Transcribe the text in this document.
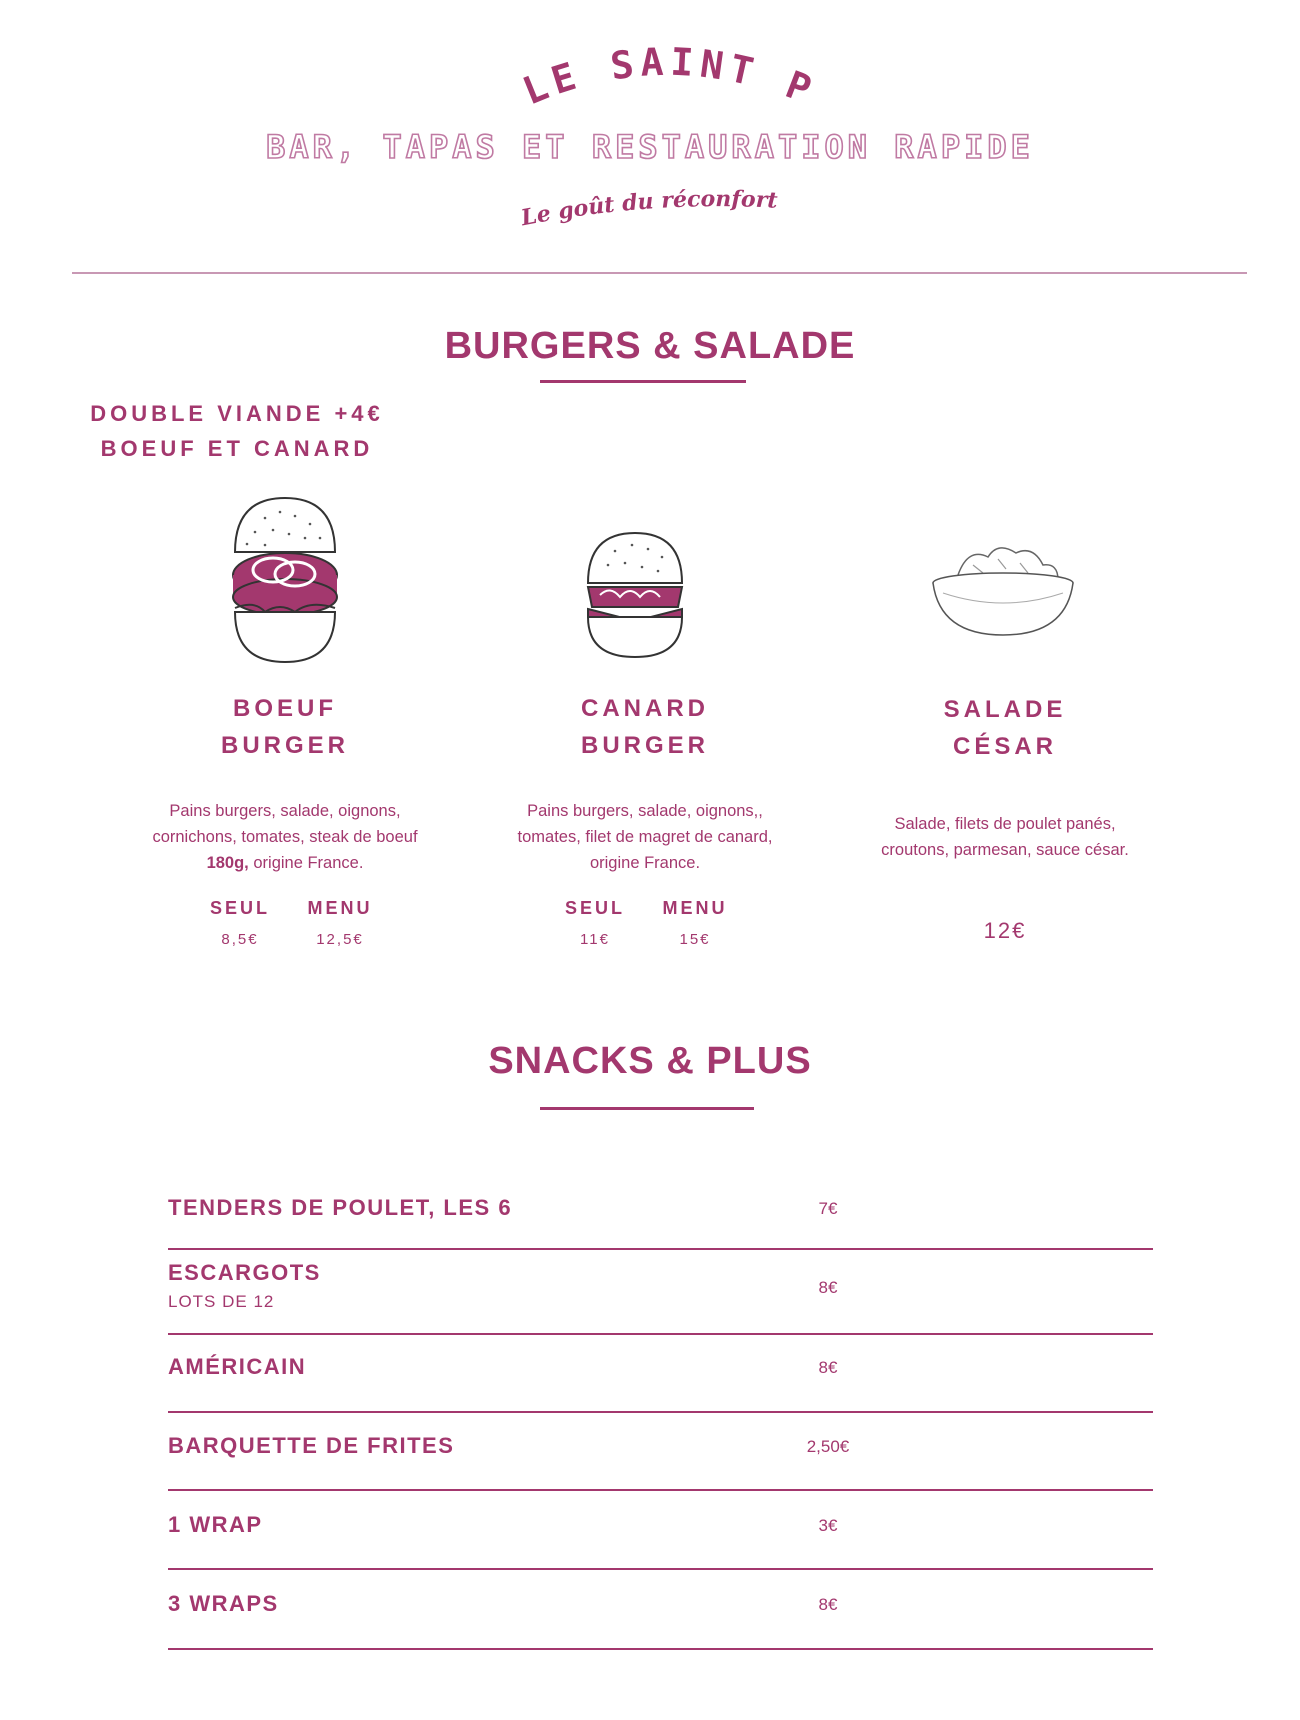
LE SAINT P
BAR, TAPAS ET RESTAURATION RAPIDE
Le goût du réconfort
BURGERS & SALADE
DOUBLE VIANDE +4€
BOEUF ET CANARD
BOEUF
BURGER
Pains burgers, salade, oignons,
cornichons, tomates, steak de boeuf
180g, origine France.
SEUL
8,5€
MENU
12,5€
CANARD
BURGER
Pains burgers, salade, oignons,,
tomates, filet de magret de canard,
origine France.
SEUL
11€
MENU
15€
SALADE
CÉSAR
Salade, filets de poulet panés,
croutons, parmesan, sauce césar.
12€
SNACKS & PLUS
TENDERS DE POULET, LES 6	7€
ESCARGOTS
LOTS DE 12
8€
AMÉRICAIN	8€
BARQUETTE DE FRITES	2,50€
1 WRAP	3€
3 WRAPS	8€
